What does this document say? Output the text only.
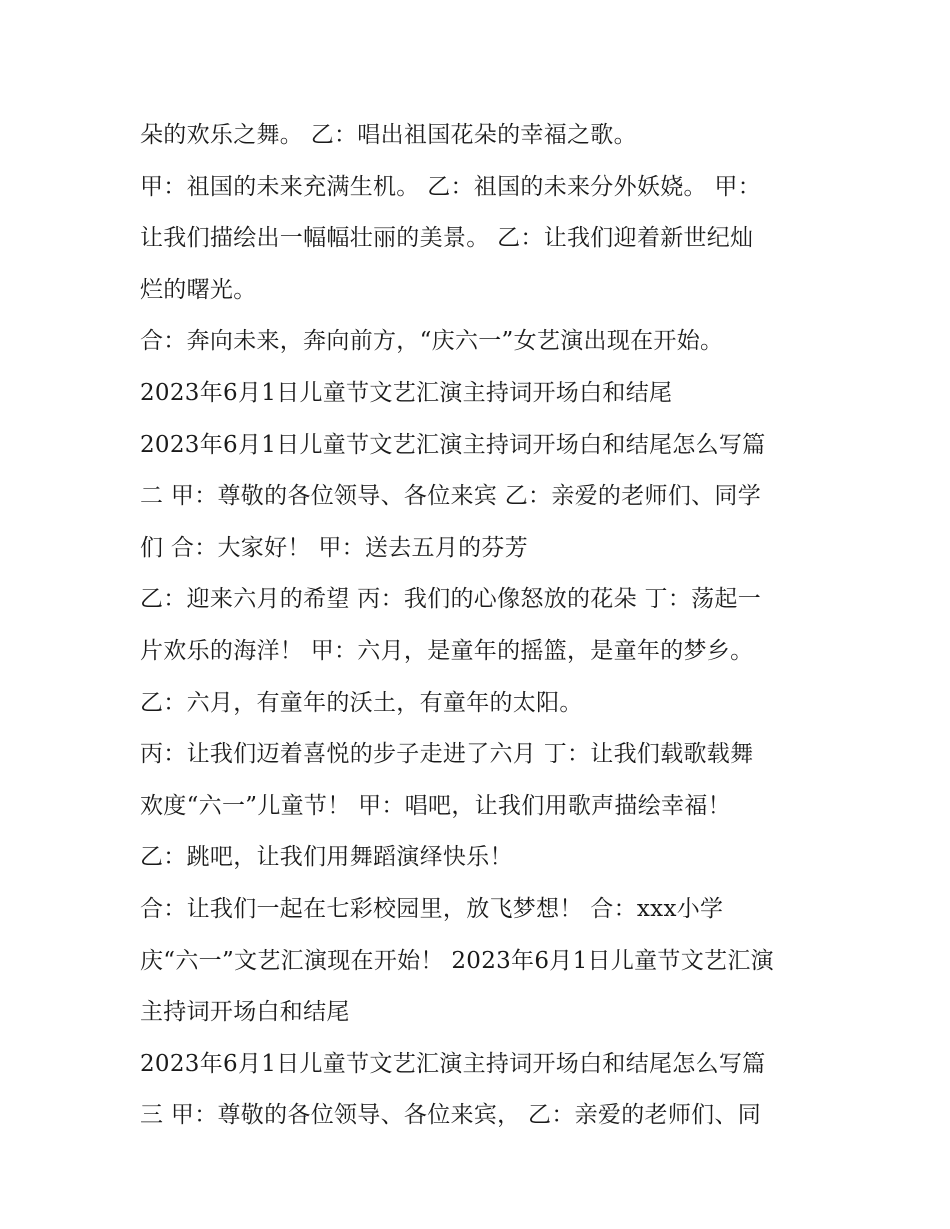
朵的欢乐之舞。 乙：唱出祖国花朵的幸福之歌。
甲：祖国的未来充满生机。 乙：祖国的未来分外妖娆。 甲：
让我们描绘出一幅幅壮丽的美景。 乙：让我们迎着新世纪灿
烂的曙光。
合：奔向未来，奔向前方，“庆六一”女艺演出现在开始。
2023年6月1日儿童节文艺汇演主持词开场白和结尾
2023年6月1日儿童节文艺汇演主持词开场白和结尾怎么写篇
二 甲：尊敬的各位领导、各位来宾 乙：亲爱的老师们、同学
们 合：大家好！ 甲：送去五月的芬芳
乙：迎来六月的希望 丙：我们的心像怒放的花朵 丁：荡起一
片欢乐的海洋！ 甲：六月，是童年的摇篮，是童年的梦乡。
乙：六月，有童年的沃土，有童年的太阳。
丙：让我们迈着喜悦的步子走进了六月 丁：让我们载歌载舞
欢度“六一”儿童节！ 甲：唱吧，让我们用歌声描绘幸福！
乙：跳吧，让我们用舞蹈演绎快乐！
合：让我们一起在七彩校园里，放飞梦想！ 合：xxx小学
庆“六一”文艺汇演现在开始！ 2023年6月1日儿童节文艺汇演
主持词开场白和结尾
2023年6月1日儿童节文艺汇演主持词开场白和结尾怎么写篇
三 甲：尊敬的各位领导、各位来宾， 乙：亲爱的老师们、同
